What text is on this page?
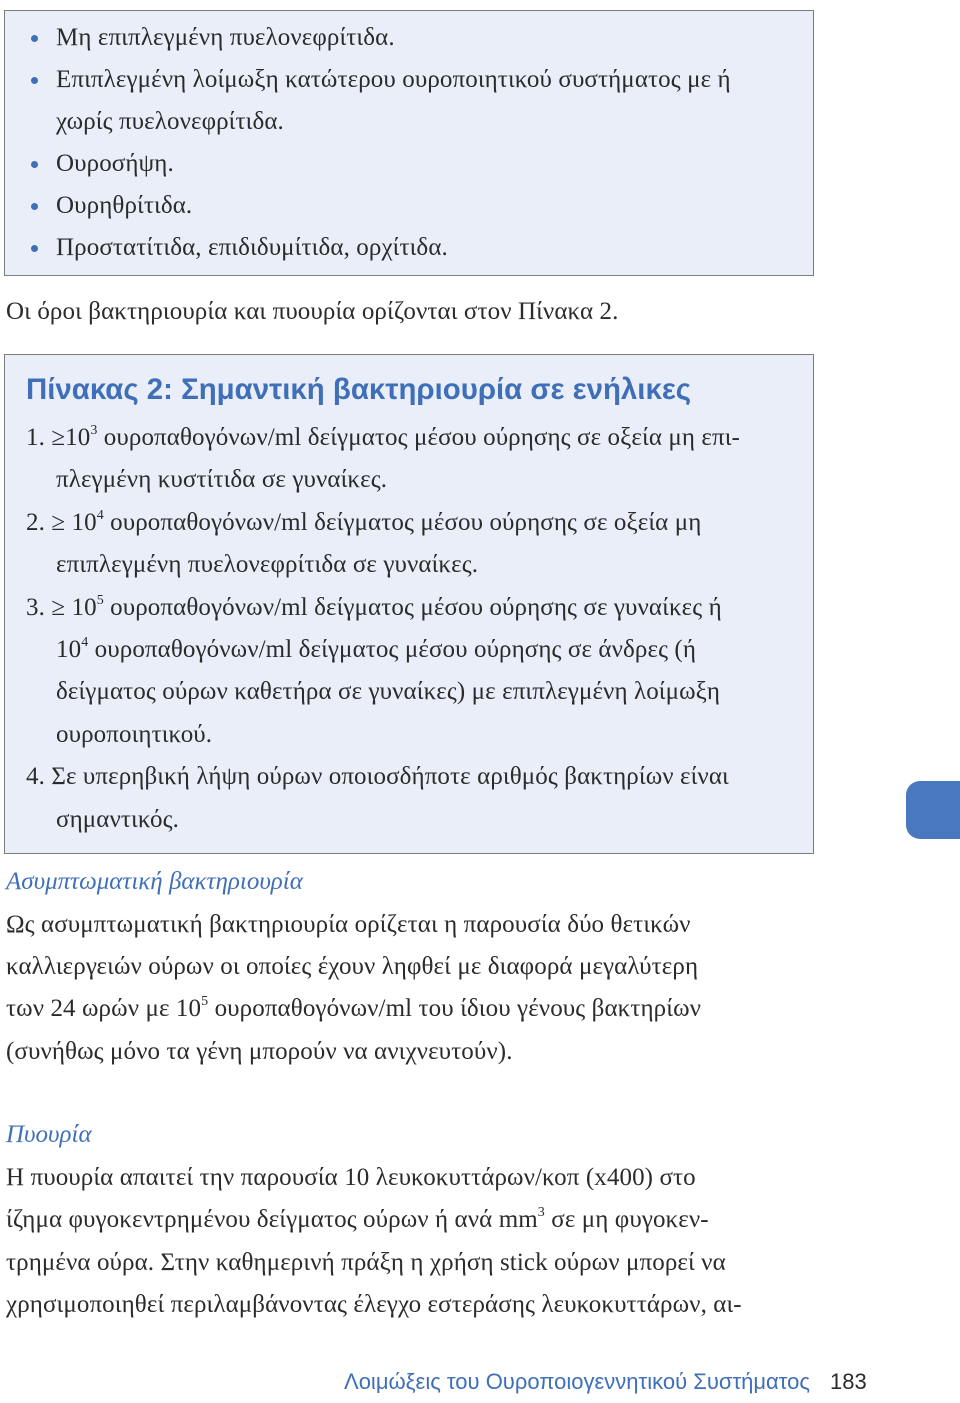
Μη επιπλεγμένη πυελονεφρίτιδα.
Επιπλεγμένη λοίμωξη κατώτερου ουροποιητικού συστήματος με ή
χωρίς πυελονεφρίτιδα.
Ουροσήψη.
Ουρηθρίτιδα.
Προστατίτιδα, επιδιδυμίτιδα, ορχίτιδα.
Οι όροι βακτηριουρία και πυουρία ορίζονται στον Πίνακα 2.
Πίνακας 2: Σημαντική βακτηριουρία σε ενήλικες
1. $\ge 10^3$ ουροπαθογόνων/ml δείγματος μέσου ούρησης σε οξεία μη επι-
πλεγμένη κυστίτιδα σε γυναίκες.
2. ≥ $10^4$ ουροπαθογόνων/ml δείγματος μέσου ούρησης σε οξεία μη
επιπλεγμένη πυελονεφρίτιδα σε γυναίκες.
3. ≥ $10^5$ ουροπαθογόνων/ml δείγματος μέσου ούρησης σε γυναίκες ή
$10^4$ ουροπαθογόνων/ml δείγματος μέσου ούρησης σε άνδρες (ή
δείγματος ούρων καθετήρα σε γυναίκες) με επιπλεγμένη λοίμωξη
ουροποιητικού.
4. Σε υπερηβική λήψη ούρων οποιοσδήποτε αριθμός βακτηρίων είναι
σημαντικός.
Ασυμπτωματική βακτηριουρία
Ως ασυμπτωματική βακτηριουρία ορίζεται η παρουσία δύο θετικών
καλλιεργειών ούρων οι οποίες έχουν ληφθεί με διαφορά μεγαλύτερη
των 24 ωρών με $10^5$ ουροπαθογόνων/ml του ίδιου γένους βακτηρίων
(συνήθως μόνο τα γένη μπορούν να ανιχνευτούν).
Πυουρία
Η πυουρία απαιτεί την παρουσία 10 λευκοκυττάρων/κοπ (x400) στο
ίζημα φυγοκεντρημένου δείγματος ούρων ή ανά $mm^3$ σε μη φυγοκεν-
τρημένα ούρα. Στην καθημερινή πράξη η χρήση stick ούρων μπορεί να
χρησιμοποιηθεί περιλαμβάνοντας έλεγχο εστεράσης λευκοκυττάρων, αι-
Λοιμώξεις του Ουροποιογεννητικού Συστήματος 183
